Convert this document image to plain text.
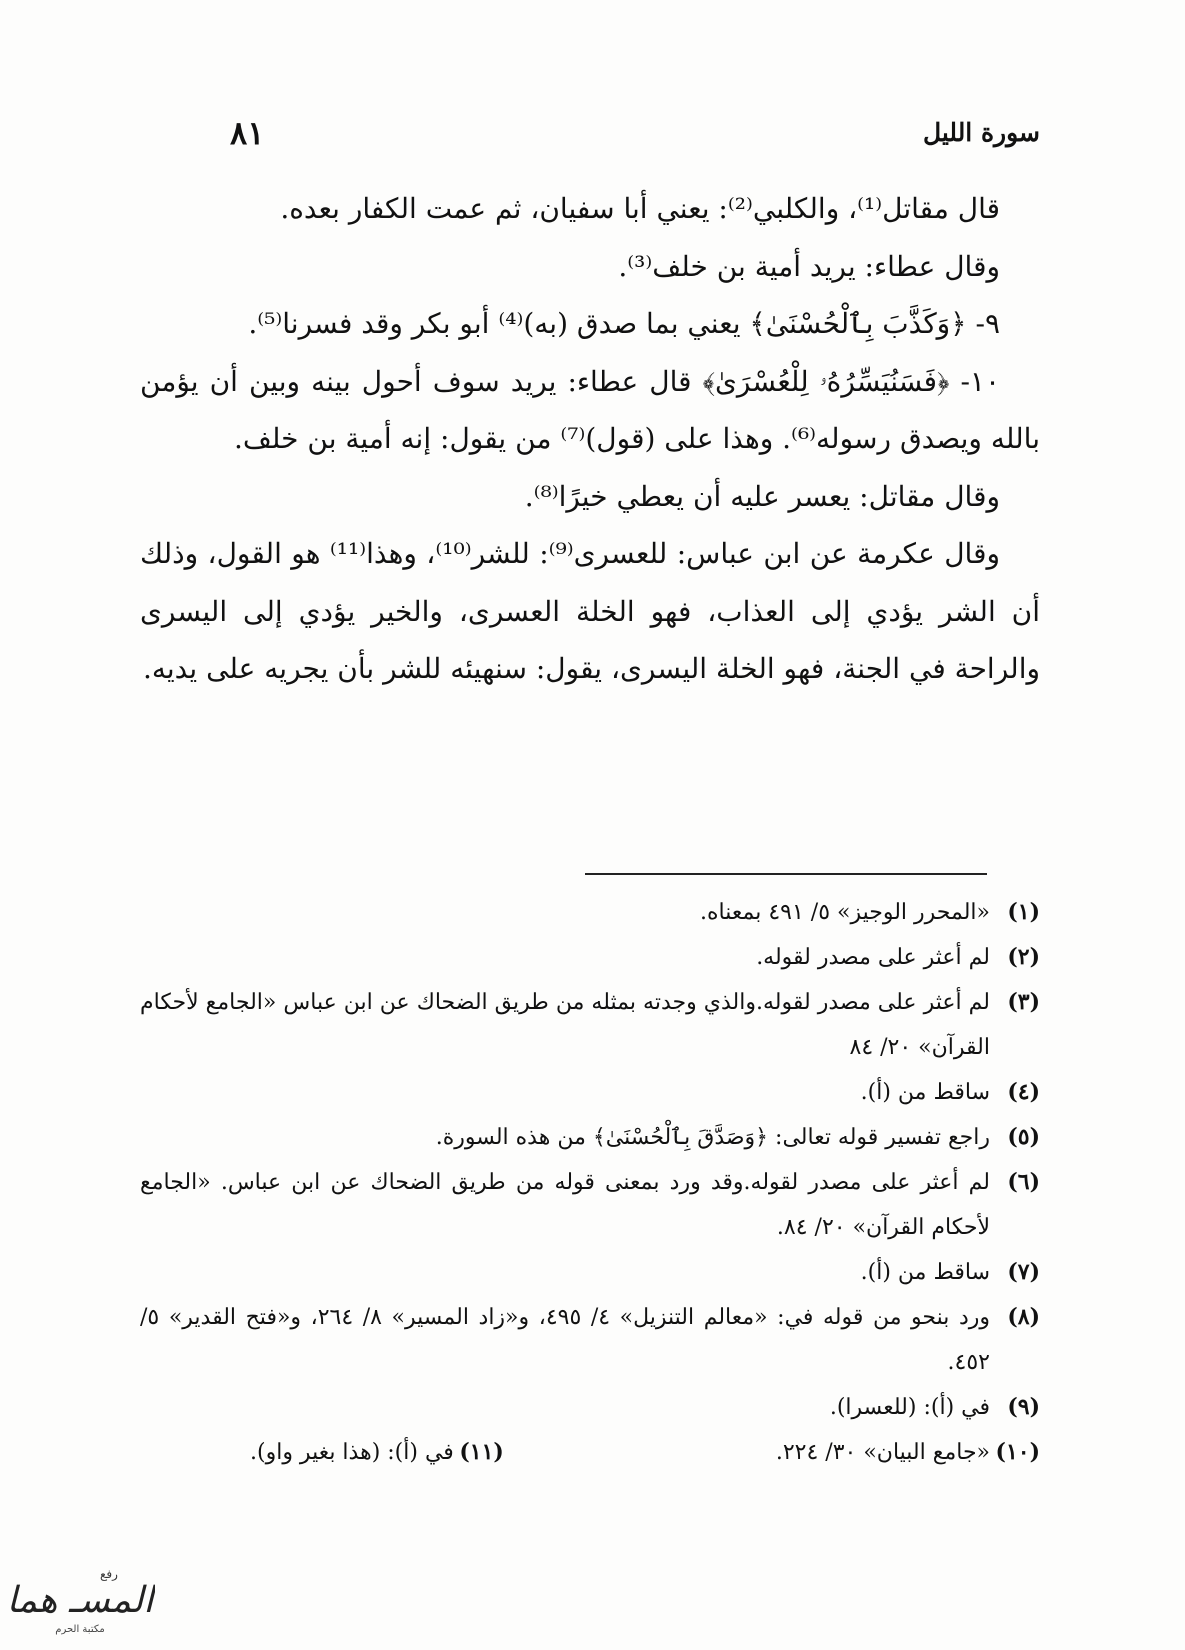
سورة الليل
٨١

قال مقاتل⁽¹⁾، والكلبي⁽²⁾: يعني أبا سفيان، ثم عمت الكفار بعده.

وقال عطاء: يريد أمية بن خلف⁽³⁾.

٩- ﴿وَكَذَّبَ بِٱلْحُسْنَىٰ﴾ يعني بما صدق (به)⁽⁴⁾ أبو بكر وقد فسرنا⁽⁵⁾.

١٠- ﴿فَسَنُيَسِّرُهُۥ لِلْعُسْرَىٰ﴾ قال عطاء: يريد سوف أحول بينه وبين أن يؤمن بالله ويصدق رسوله⁽⁶⁾. وهذا على (قول)⁽⁷⁾ من يقول: إنه أمية بن خلف.

وقال مقاتل: يعسر عليه أن يعطي خيرًا⁽⁸⁾.

وقال عكرمة عن ابن عباس: للعسرى⁽⁹⁾: للشر⁽¹⁰⁾، وهذا⁽¹¹⁾ هو القول، وذلك أن الشر يؤدي إلى العذاب، فهو الخلة العسرى، والخير يؤدي إلى اليسرى والراحة في الجنة، فهو الخلة اليسرى، يقول: سنهيئه للشر بأن يجريه على يديه.

(١)
«المحرر الوجيز» ٥/ ٤٩١ بمعناه.
(٢)
لم أعثر على مصدر لقوله.
(٣)
لم أعثر على مصدر لقوله.والذي وجدته بمثله من طريق الضحاك عن ابن عباس «الجامع لأحكام القرآن» ٢٠/ ٨٤
(٤)
ساقط من (أ).
(٥)
راجع تفسير قوله تعالى: ﴿وَصَدَّقَ بِٱلْحُسْنَىٰ﴾ من هذه السورة.
(٦)
لم أعثر على مصدر لقوله.وقد ورد بمعنى قوله من طريق الضحاك عن ابن عباس. «الجامع لأحكام القرآن» ٢٠/ ٨٤.
(٧)
ساقط من (أ).
(٨)
ورد بنحو من قوله في: «معالم التنزيل» ٤/ ٤٩٥، و«زاد المسير» ٨/ ٢٦٤، و«فتح القدير» ٥/ ٤٥٢.
(٩)
في (أ): (للعسرا).
(١٠)
«جامع البيان» ٣٠/ ٢٢٤.
(١١)
في (أ): (هذا بغير واو).
رفع
المسـ هما
مكتبة الحرم
